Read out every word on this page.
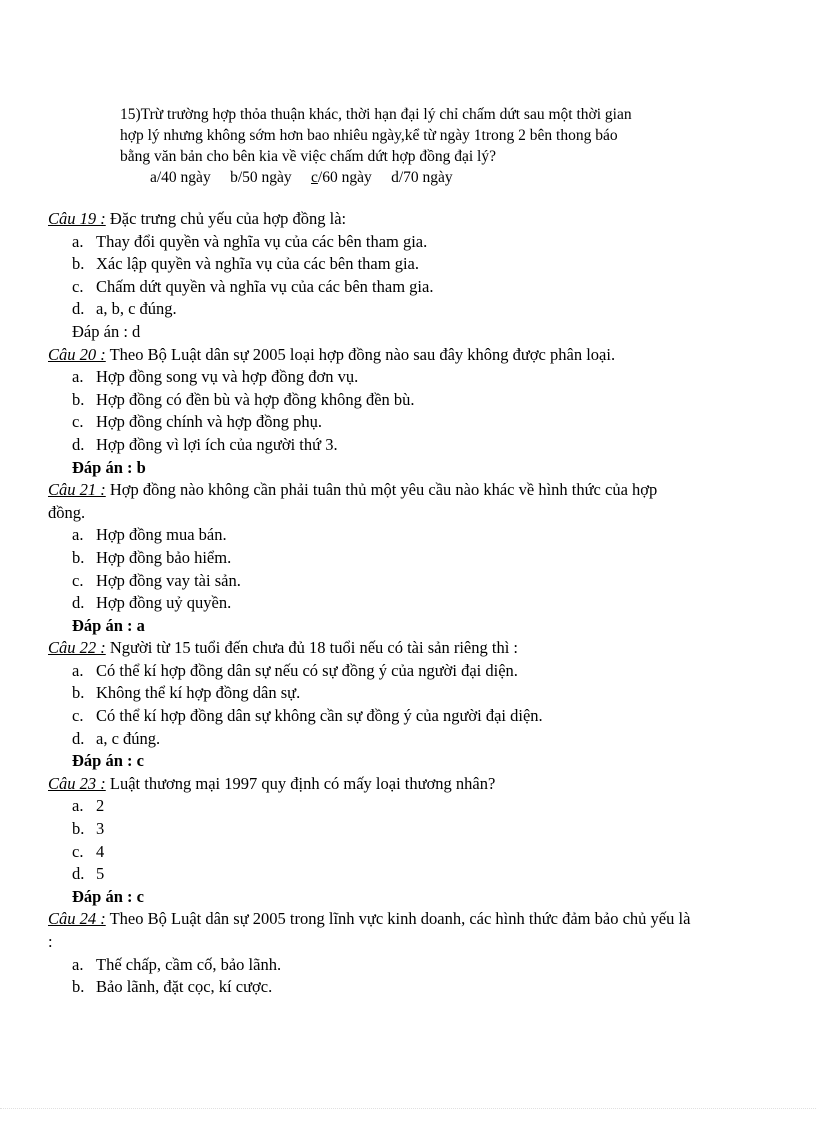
15)Trừ trường hợp thỏa thuận khác, thời hạn đại lý chỉ chấm dứt sau một thời gian
hợp lý nhưng không sớm hơn bao nhiêu ngày,kể từ ngày 1trong 2 bên thong báo
bằng văn bản cho bên kia về việc chấm dứt hợp đồng đại lý?
a/40 ngày b/50 ngày c/60 ngày d/70 ngày

Câu 19 : Đặc trưng chủ yếu của hợp đồng là:

a. Thay đổi quyền và nghĩa vụ của các bên tham gia.

b. Xác lập quyền và nghĩa vụ của các bên tham gia.

c. Chấm dứt quyền và nghĩa vụ của các bên tham gia.

d. a, b, c đúng.

Đáp án : d

Câu 20 : Theo Bộ Luật dân sự 2005 loại hợp đồng nào sau đây không được phân loại.

a. Hợp đồng song vụ và hợp đồng đơn vụ.

b. Hợp đồng có đền bù và hợp đồng không đền bù.

c. Hợp đồng chính và hợp đồng phụ.

d. Hợp đồng vì lợi ích của người thứ 3.

Đáp án : b

Câu 21 : Hợp đồng nào không cần phải tuân thủ một yêu cầu nào khác về hình thức của hợp đồng.

a. Hợp đồng mua bán.

b. Hợp đồng bảo hiểm.

c. Hợp đồng vay tài sản.

d. Hợp đồng uỷ quyền.

Đáp án : a

Câu 22 : Người từ 15 tuổi đến chưa đủ 18 tuổi nếu có tài sản riêng thì :

a. Có thể kí hợp đồng dân sự nếu có sự đồng ý của người đại diện.

b. Không thể kí hợp đồng dân sự.

c. Có thể kí hợp đồng dân sự không cần sự đồng ý của người đại diện.

d. a, c đúng.

Đáp án : c

Câu 23 : Luật thương mại 1997 quy định có mấy loại thương nhân?

a. 2

b. 3

c. 4

d. 5

Đáp án : c

Câu 24 : Theo Bộ Luật dân sự 2005 trong lĩnh vực kinh doanh, các hình thức đảm bảo chủ yếu là :

a. Thế chấp, cầm cố, bảo lãnh.

b. Bảo lãnh, đặt cọc, kí cược.
